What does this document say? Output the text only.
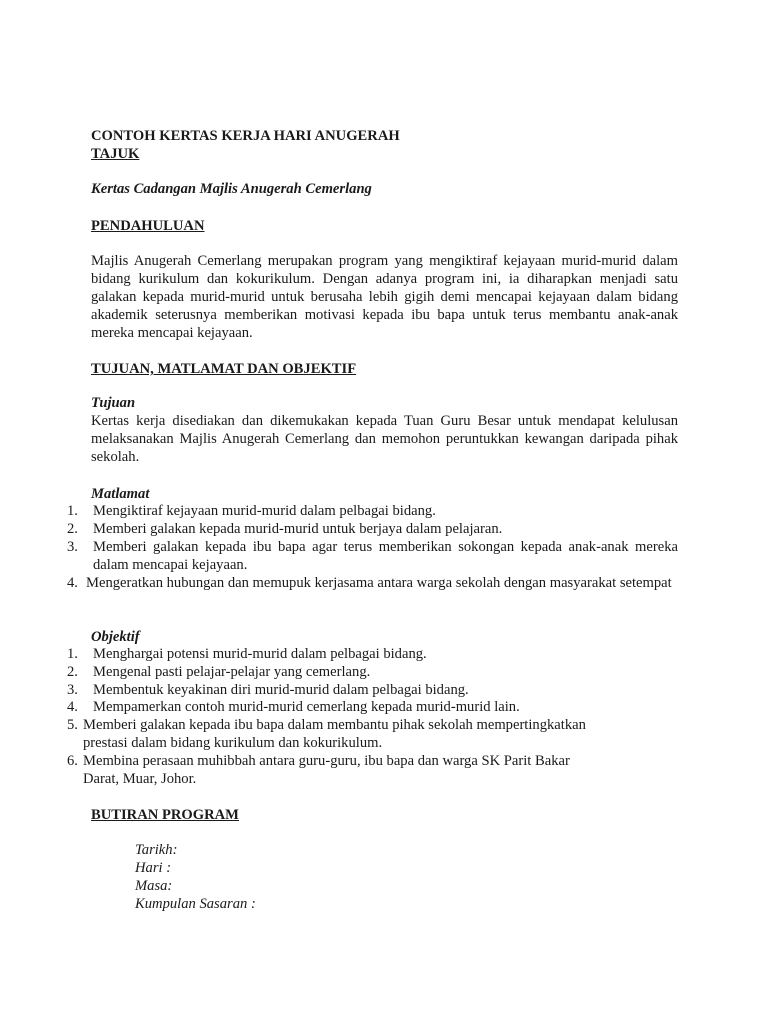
CONTOH KERTAS KERJA HARI ANUGERAH
TAJUK
Kertas Cadangan Majlis Anugerah Cemerlang
PENDAHULUAN
Majlis Anugerah Cemerlang merupakan program yang mengiktiraf kejayaan murid-murid dalam bidang kurikulum dan kokurikulum. Dengan adanya program ini, ia diharapkan menjadi satu galakan kepada murid-murid untuk berusaha lebih gigih demi mencapai kejayaan dalam bidang akademik seterusnya memberikan motivasi kepada ibu bapa untuk terus membantu anak-anak mereka mencapai kejayaan.
TUJUAN, MATLAMAT DAN OBJEKTIF
Tujuan
Kertas kerja disediakan dan dikemukakan kepada Tuan Guru Besar untuk mendapat kelulusan melaksanakan Majlis Anugerah Cemerlang dan memohon peruntukkan kewangan daripada pihak sekolah.
Matlamat
1. Mengiktiraf kejayaan murid-murid dalam pelbagai bidang.
2. Memberi galakan kepada murid-murid untuk berjaya dalam pelajaran.
3. Memberi galakan kepada ibu bapa agar terus memberikan sokongan kepada anak-anak mereka dalam mencapai kejayaan.
4. Mengeratkan hubungan dan memupuk kerjasama antara warga sekolah dengan masyarakat setempat
Objektif
1. Menghargai potensi murid-murid dalam pelbagai bidang.
2. Mengenal pasti pelajar-pelajar yang cemerlang.
3. Membentuk keyakinan diri murid-murid dalam pelbagai bidang.
4. Mempamerkan contoh murid-murid cemerlang kepada murid-murid lain.
5. Memberi galakan kepada ibu bapa dalam membantu pihak sekolah mempertingkatkan prestasi dalam bidang kurikulum dan kokurikulum.
6. Membina perasaan muhibbah antara guru-guru, ibu bapa dan warga SK Parit Bakar Darat, Muar, Johor.
BUTIRAN PROGRAM
Tarikh:
Hari :
Masa:
Kumpulan Sasaran :
